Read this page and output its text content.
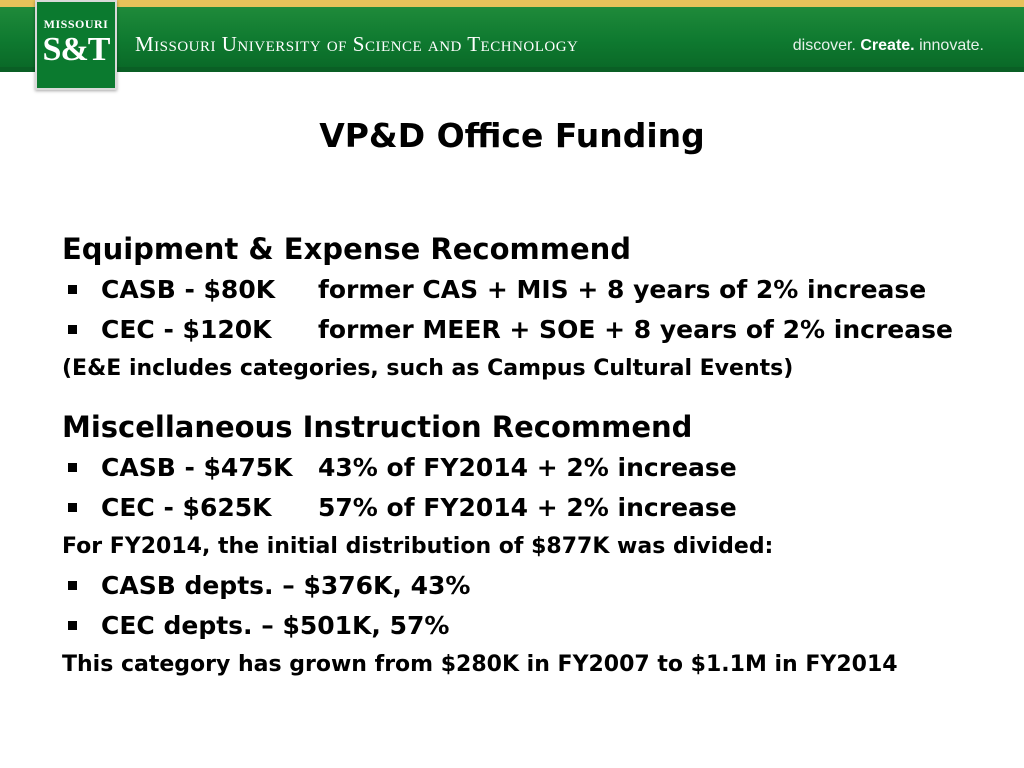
Missouri University of Science and Technology	discover. Create. innovate.
MISSOURI
S&T
VP&D Office Funding
Equipment & Expense Recommend
CASB - $80K former CAS + MIS + 8 years of 2% increase
CEC - $120K former MEER + SOE + 8 years of 2% increase
(E&E includes categories, such as Campus Cultural Events)
Miscellaneous Instruction Recommend
CASB - $475K 43% of FY2014 + 2% increase
CEC - $625K 57% of FY2014 + 2% increase
For FY2014, the initial distribution of $877K was divided:
CASB depts. – $376K, 43%
CEC depts. – $501K, 57%
This category has grown from $280K in FY2007 to $1.1M in FY2014
